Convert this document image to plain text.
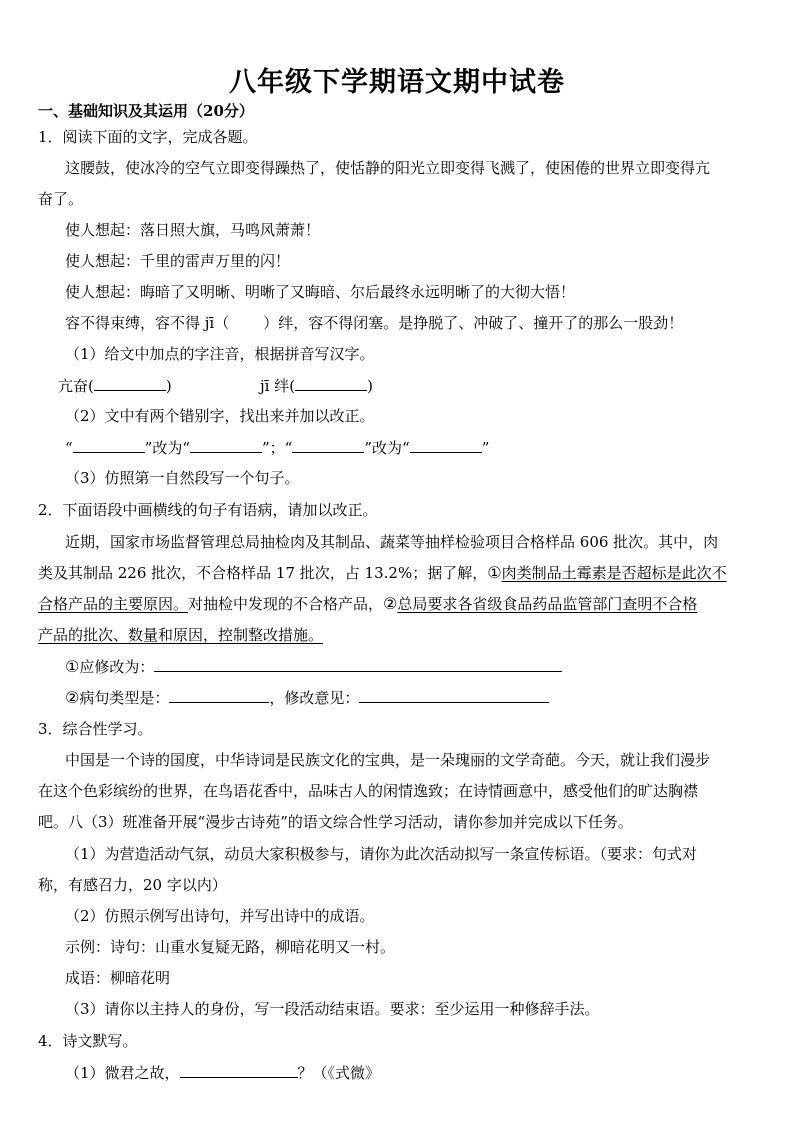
八年级下学期语文期中试卷
一、基础知识及其运用（20分）
1．阅读下面的文字，完成各题。
这腰鼓，使冰冷的空气立即变得躁热了，使恬静的阳光立即变得飞溅了，使困倦的世界立即变得亢
奋了。
使人想起：落日照大旗，马鸣风萧萧！
使人想起：千里的雷声万里的闪！
使人想起：晦暗了又明晰、明晰了又晦暗、尔后最终永远明晰了的大彻大悟！
容不得束缚，容不得 jī（ ）绊，容不得闭塞。是挣脱了、冲破了、撞开了的那么一股劲！
（1）给文中加点的字注音，根据拼音写汉字。
亢奋(	)	jī 绊(	)
（2）文中有两个错别字，找出来并加以改正。
“	”改为“	”；“	”改为“	”
（3）仿照第一自然段写一个句子。
2．下面语段中画横线的句子有语病，请加以改正。
近期，国家市场监督管理总局抽检肉及其制品、蔬菜等抽样检验项目合格样品 606 批次。其中，肉
类及其制品 226 批次，不合格样品 17 批次，占 13.2%；据了解，①肉类制品土霉素是否超标是此次不
合格产品的主要原因。对抽检中发现的不合格产品，②总局要求各省级食品药品监管部门查明不合格
产品的批次、数量和原因，控制整改措施。
①应修改为：
②病句类型是：	，修改意见：
3．综合性学习。
中国是一个诗的国度，中华诗词是民族文化的宝典，是一朵瑰丽的文学奇葩。今天，就让我们漫步
在这个色彩缤纷的世界，在鸟语花香中，品味古人的闲情逸致；在诗情画意中，感受他们的旷达胸襟
吧。八（3）班准备开展“漫步古诗苑”的语文综合性学习活动，请你参加并完成以下任务。
（1）为营造活动气氛，动员大家积极参与，请你为此次活动拟写一条宣传标语。（要求：句式对
称，有感召力，20 字以内）
（2）仿照示例写出诗句，并写出诗中的成语。
示例：诗句：山重水复疑无路，柳暗花明又一村。
成语：柳暗花明
（3）请你以主持人的身份，写一段活动结束语。要求：至少运用一种修辞手法。
4．诗文默写。
（1）微君之故，	？（《式微》
